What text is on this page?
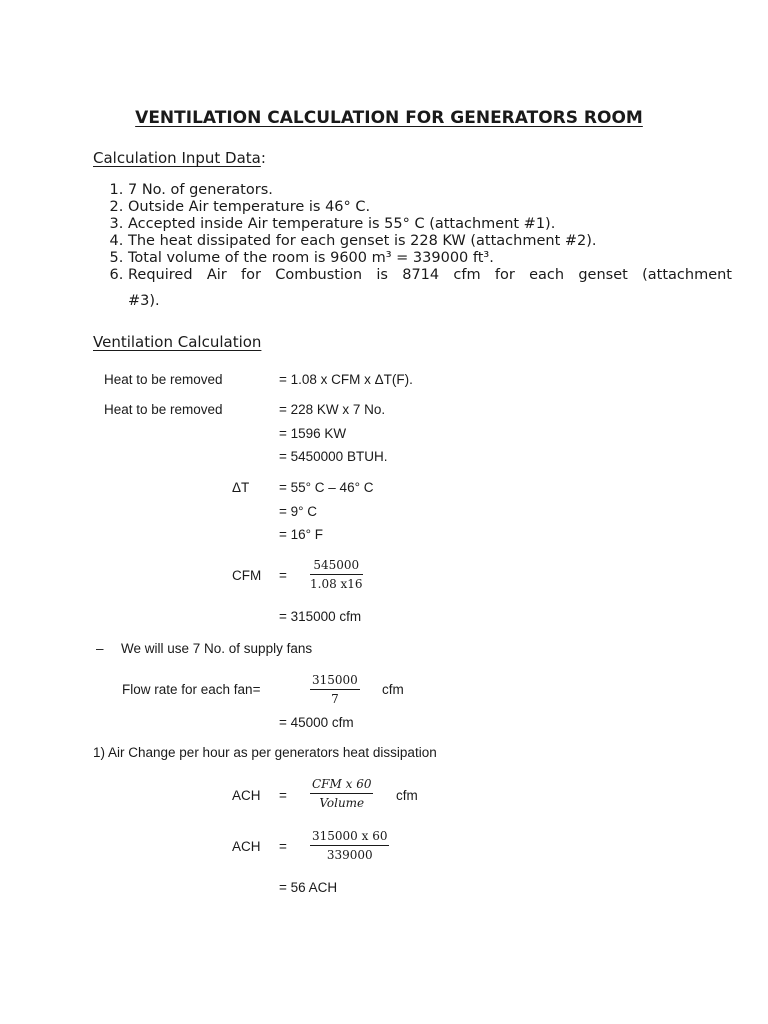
VENTILATION CALCULATION FOR GENERATORS ROOM
Calculation Input Data:
1. 7 No. of generators.
2. Outside Air temperature is 46° C.
3. Accepted inside Air temperature is 55° C (attachment #1).
4. The heat dissipated for each genset is 228 KW (attachment #2).
5. Total volume of the room is 9600 m³ = 339000 ft³.
6. Required Air for Combustion is 8714 cfm for each genset (attachment
#3).
Ventilation Calculation
Heat to be removed	= 1.08 x CFM x ΔT(F).
Heat to be removed	= 228 KW x 7 No.
= 1596 KW
= 5450000 BTUH.
ΔT = 55° C – 46° C
= 9° C
= 16° F
CFM = $\frac{545000}{1.08 x16}$
= 315000 cfm
– We will use 7 No. of supply fans
Flow rate for each fan=	$\frac{315000}{7}$ cfm
= 45000 cfm
1) Air Change per hour as per generators heat dissipation
ACH =
CFM x 60
Volume	cfm
ACH = $\frac{315000 x 60}{339000}$
= 56 ACH
